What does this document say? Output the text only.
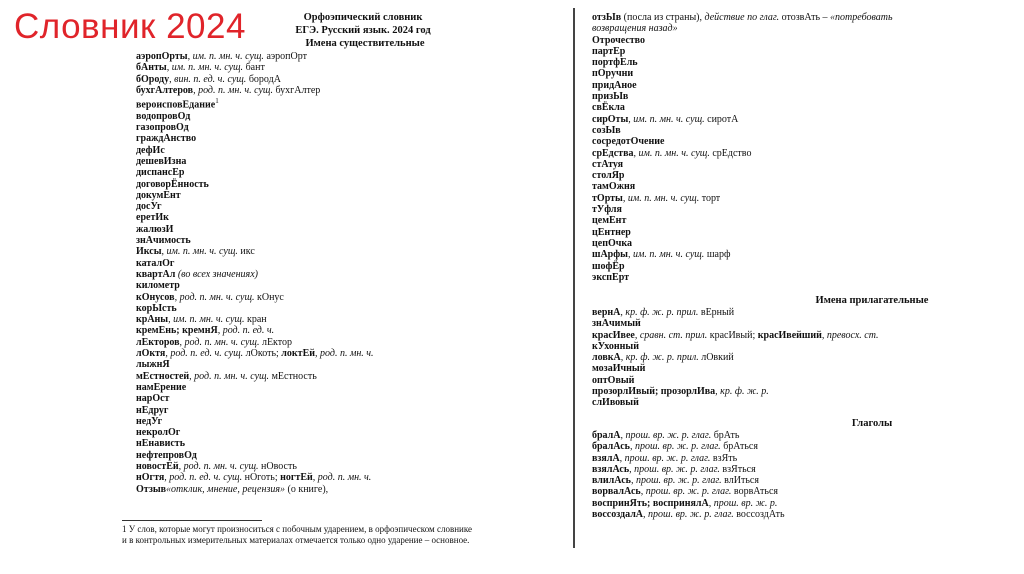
Словник 2024	Орфоэпический словник
ЕГЭ. Русский язык. 2024 год
Имена существительные
аэропОрты, им. п. мн. ч. сущ. аэропОрт
бАнты, им. п. мн. ч. сущ. бант
бОроду, вин. п. ед. ч. сущ. бородА
бухгАлтеров, род. п. мн. ч. сущ. бухгАлтер
вероисповЕдание$^1$
водопровОд
газопровОд
граждАнство
дефИс
дешевИзна
диспансЕр
договорЁнность
докумЕнт
досУг
еретИк
жалюзИ
знАчимость
Иксы, им. п. мн. ч. сущ. икс
каталОг
квартАл (во всех значениях)
километр
кОнусов, род. п. мн. ч. сущ. кОнус
корЫсть
крАны, им. п. мн. ч. сущ. кран
кремЕнь; кремнЯ, род. п. ед. ч.
лЕкторов, род. п. мн. ч. сущ. лЕктор
лОктя, род. п. ед. ч. сущ. лОкоть; локтЕй, род. п. мн. ч.
лыжнЯ
мЕстностей, род. п. мн. ч. сущ. мЕстность
намЕрение
нарОст
нЕдруг
недУг
некролОг
нЕнависть
нефтепровОд
новостЕй, род. п. мн. ч. сущ. нОвость
нОгтя, род. п. ед. ч. сущ. нОготь; ногтЕй, род. п. мн. ч.
Отзыв«отклик, мнение, рецензия» (о книге),
1 У слов, которые могут произноситься с побочным ударением, в орфоэпическом словнике
и в контрольных измерительных материалах отмечается только одно ударение – основное.
отзЫв (посла из страны), действие по глаг. отозвАть – «потребовать
возвращения назад»
Отрочество
партЕр
портфЕль
пОручни
придАное
призЫв
свЁкла
сирОты, им. п. мн. ч. сущ. сиротА
созЫв
сосредотОчение
срЕдства, им. п. мн. ч. сущ. срЕдство
стАтуя
столЯр
тамОжня
тОрты, им. п. мн. ч. сущ. торт
тУфля
цемЕнт
цЕнтнер
цепОчка
шАрфы, им. п. мн. ч. сущ. шарф
шофЁр
экспЕрт
Имена прилагательные
вернА, кр. ф. ж. р. прил. вЕрный
знАчимый
красИвее, сравн. ст. прил. красИвый; красИвейший, превосх. ст.
кУхонный
ловкА, кр. ф. ж. р. прил. лОвкий
мозаИчный
оптОвый
прозорлИвый; прозорлИва, кр. ф. ж. р.
слИвовый
Глаголы
бралА, прош. вр. ж. р. глаг. брАть
бралАсь, прош. вр. ж. р. глаг. брАться
взялА, прош. вр. ж. р. глаг. взЯть
взялАсь, прош. вр. ж. р. глаг. взЯться
влилАсь, прош. вр. ж. р. глаг. влИться
ворвалАсь, прош. вр. ж. р. глаг. ворвАться
воспринЯть; воспринялА, прош. вр. ж. р.
воссоздалА, прош. вр. ж. р. глаг. воссоздАть
